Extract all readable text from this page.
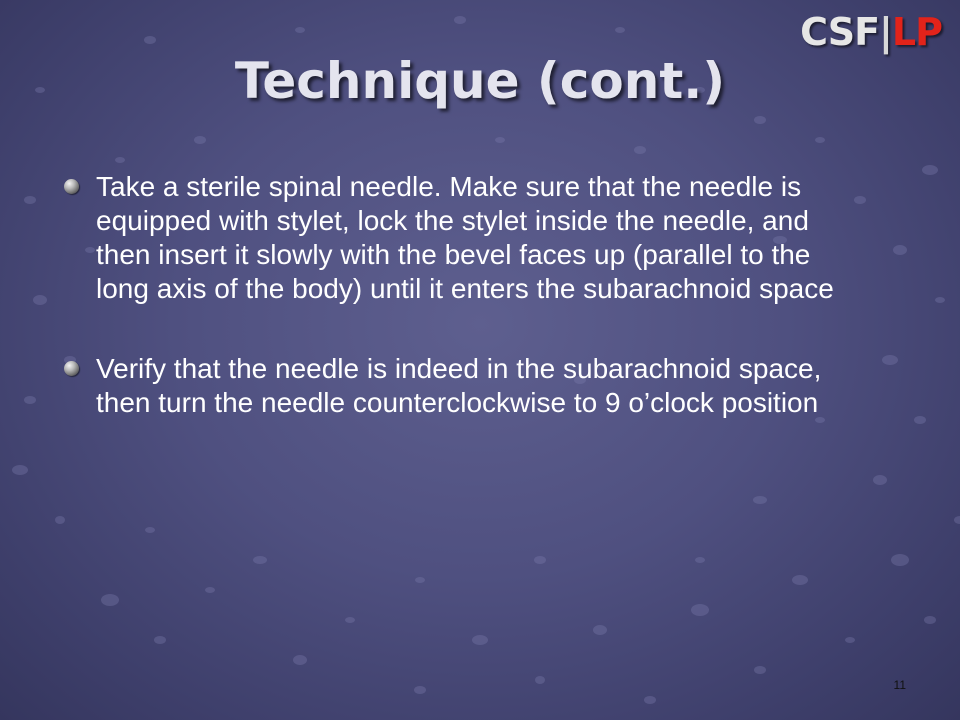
CSF|LP
Technique (cont.)
Take a sterile spinal needle. Make sure that the needle is equipped with stylet, lock the stylet inside the needle, and then insert it slowly with the bevel faces up (parallel to the long axis of the body) until it enters the subarachnoid space
Verify that the needle is indeed in the subarachnoid space, then turn the needle counterclockwise to 9 o’clock position
11
